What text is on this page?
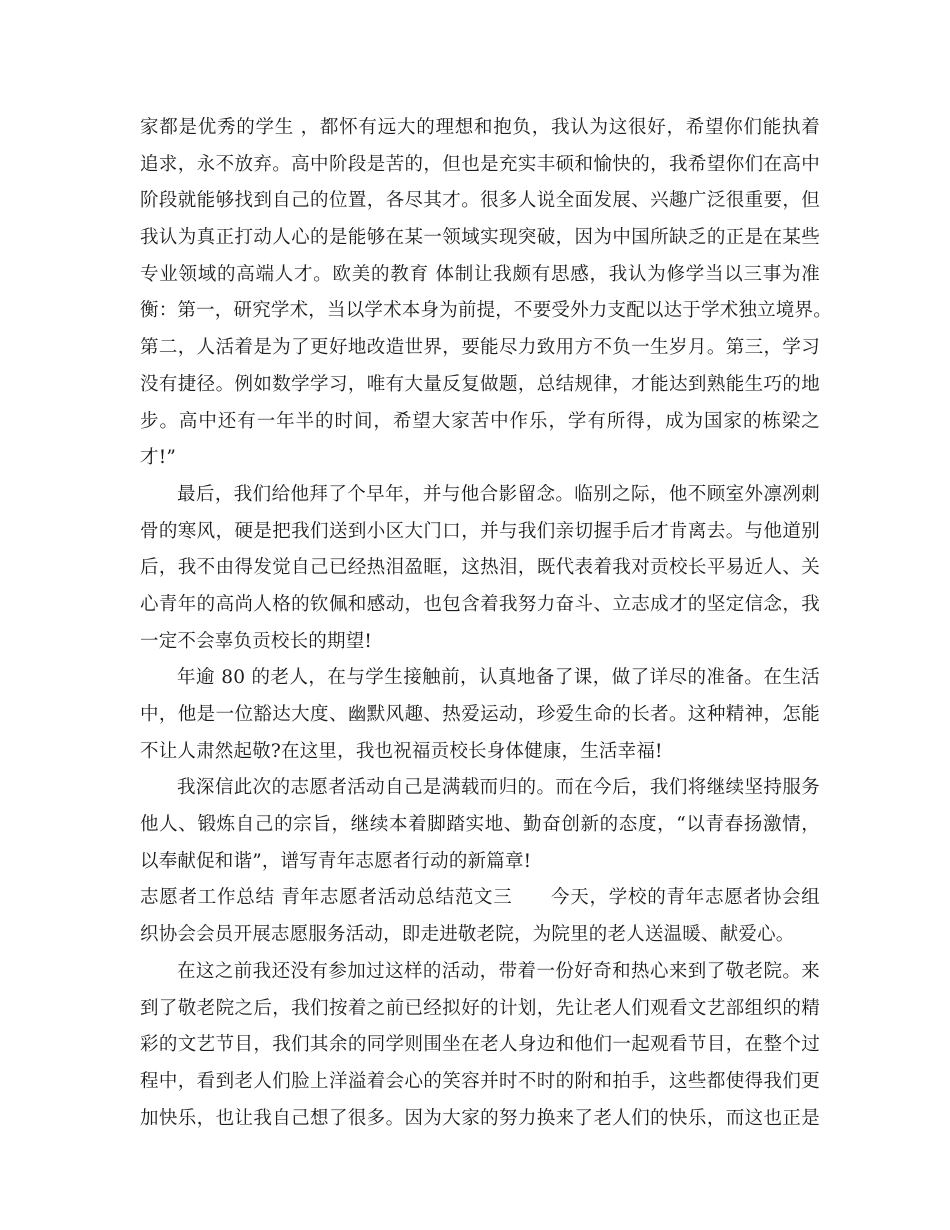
家都是优秀的学生 ，都怀有远大的理想和抱负，我认为这很好，希望你们能执着
追求，永不放弃。高中阶段是苦的，但也是充实丰硕和愉快的，我希望你们在高中
阶段就能够找到自己的位置，各尽其才。很多人说全面发展、兴趣广泛很重要，但
我认为真正打动人心的是能够在某一领域实现突破，因为中国所缺乏的正是在某些
专业领域的高端人才。欧美的教育 体制让我颇有思感，我认为修学当以三事为准
衡：第一，研究学术，当以学术本身为前提，不要受外力支配以达于学术独立境界。
第二，人活着是为了更好地改造世界，要能尽力致用方不负一生岁月。第三，学习
没有捷径。例如数学学习，唯有大量反复做题，总结规律，才能达到熟能生巧的地
步。高中还有一年半的时间，希望大家苦中作乐，学有所得，成为国家的栋梁之
才!”
最后，我们给他拜了个早年，并与他合影留念。临别之际，他不顾室外凛冽刺
骨的寒风，硬是把我们送到小区大门口，并与我们亲切握手后才肯离去。与他道别
后，我不由得发觉自己已经热泪盈眶，这热泪，既代表着我对贡校长平易近人、关
心青年的高尚人格的钦佩和感动，也包含着我努力奋斗、立志成才的坚定信念，我
一定不会辜负贡校长的期望!
年逾 80 的老人，在与学生接触前，认真地备了课，做了详尽的准备。在生活
中，他是一位豁达大度、幽默风趣、热爱运动，珍爱生命的长者。这种精神，怎能
不让人肃然起敬?在这里，我也祝福贡校长身体健康，生活幸福!
我深信此次的志愿者活动自己是满载而归的。而在今后，我们将继续坚持服务
他人、锻炼自己的宗旨，继续本着脚踏实地、勤奋创新的态度，“以青春扬激情，
以奉献促和谐”，谱写青年志愿者行动的新篇章!
志愿者工作总结 青年志愿者活动总结范文三　　今天，学校的青年志愿者协会组
织协会会员开展志愿服务活动，即走进敬老院，为院里的老人送温暖、献爱心。
在这之前我还没有参加过这样的活动，带着一份好奇和热心来到了敬老院。来
到了敬老院之后，我们按着之前已经拟好的计划，先让老人们观看文艺部组织的精
彩的文艺节目，我们其余的同学则围坐在老人身边和他们一起观看节目，在整个过
程中，看到老人们脸上洋溢着会心的笑容并时不时的附和拍手，这些都使得我们更
加快乐，也让我自己想了很多。因为大家的努力换来了老人们的快乐，而这也正是
